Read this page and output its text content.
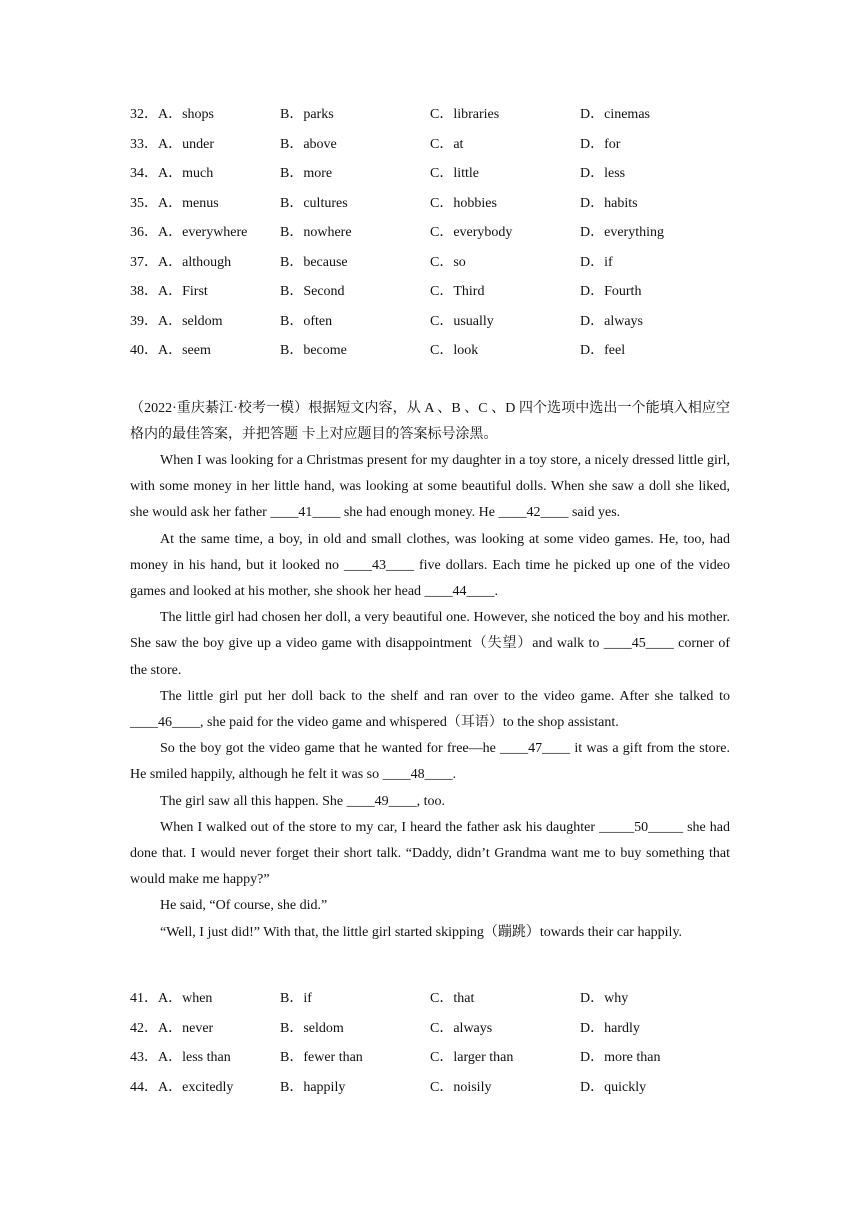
32． A．shops	B．parks	C．libraries	D．cinemas
33． A．under	B．above	C．at	D．for
34． A．much	B．more	C．little	D．less
35． A．menus	B．cultures	C．hobbies	D．habits
36． A．everywhere B．nowhere	C．everybody	D．everything
37． A．although	B．because	C．so	D．if
38． A．First	B．Second	C．Third	D．Fourth
39． A．seldom	B．often	C．usually	D．always
40． A．seem	B．become	C．look	D．feel

（2022·重庆綦江·校考一模）根据短文内容，从 A 、B 、C 、D 四个选项中选出一个能填入相应空格内的最佳答案，并把答题 卡上对应题目的答案标号涂黑。

When I was looking for a Christmas present for my daughter in a toy store, a nicely dressed little girl, with some money in her little hand, was looking at some beautiful dolls. When she saw a doll she liked, she would ask her father ____41____ she had enough money. He ____42____ said yes.

At the same time, a boy, in old and small clothes, was looking at some video games. He, too, had money in his hand, but it looked no ____43____ five dollars. Each time he picked up one of the video games and looked at his mother, she shook her head ____44____.

The little girl had chosen her doll, a very beautiful one. However, she noticed the boy and his mother. She saw the boy give up a video game with disappointment（失望）and walk to ____45____ corner of the store.

The little girl put her doll back to the shelf and ran over to the video game. After she talked to ____46____, she paid for the video game and whispered（耳语）to the shop assistant.

So the boy got the video game that he wanted for free—he ____47____ it was a gift from the store. He smiled happily, although he felt it was so ____48____.

The girl saw all this happen. She ____49____, too.

When I walked out of the store to my car, I heard the father ask his daughter _____50_____ she had done that. I would never forget their short talk. “Daddy, didn’t Grandma want me to buy something that would make me happy?”

He said, “Of course, she did.”

“Well, I just did!” With that, the little girl started skipping（蹦跳）towards their car happily.

41． A．when	B．if	C．that	D．why
42． A．never	B．seldom	C．always	D．hardly
43． A．less than	B．fewer than	C．larger than	D．more than
44． A．excitedly	B．happily	C．noisily	D．quickly
